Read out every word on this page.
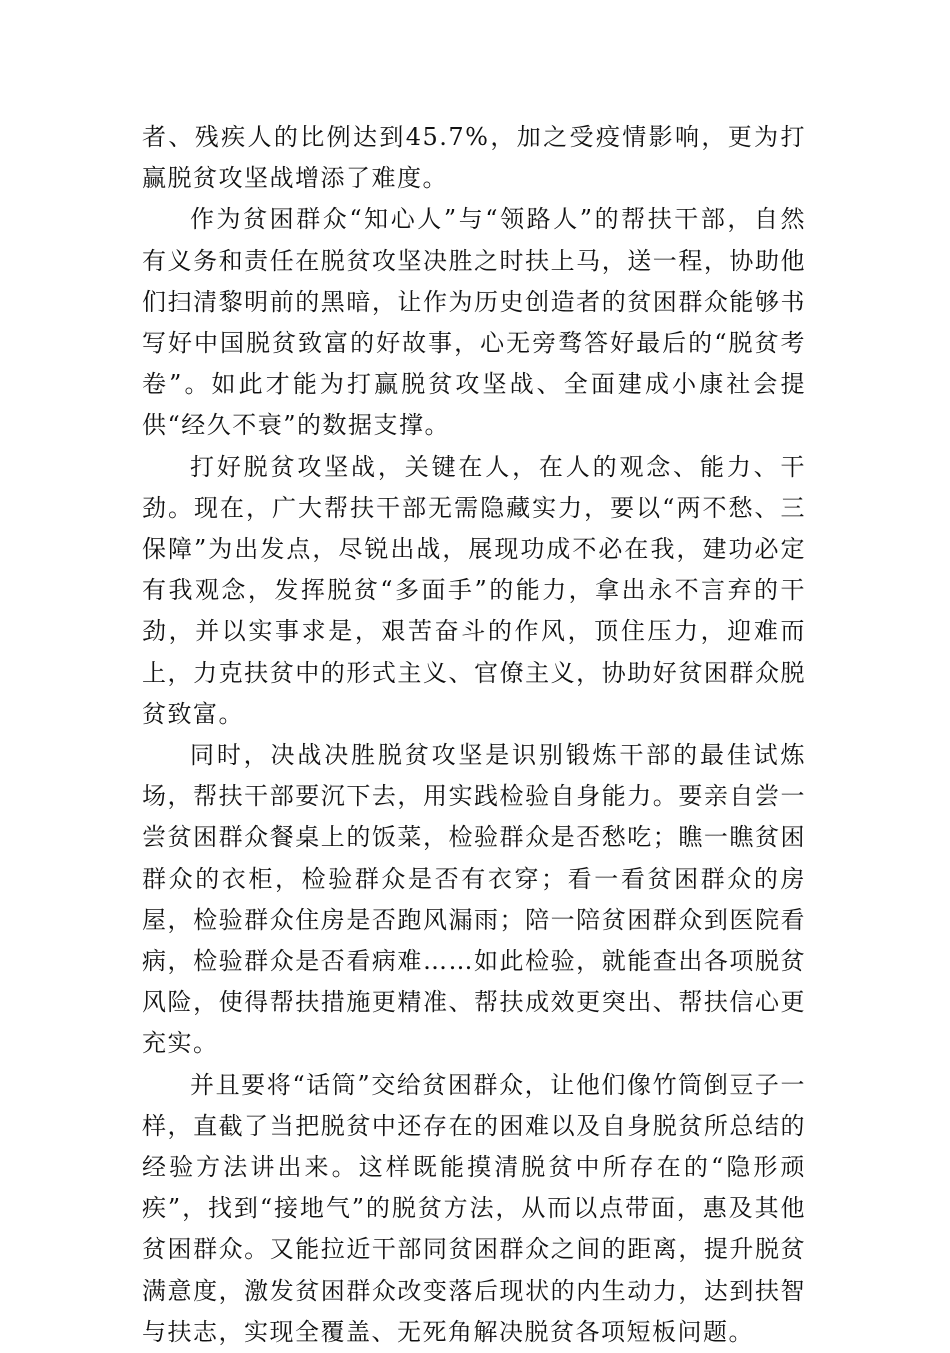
者、残疾人的比例达到45.7%，加之受疫情影响，更为打赢脱贫攻坚战增添了难度。

作为贫困群众“知心人”与“领路人”的帮扶干部，自然有义务和责任在脱贫攻坚决胜之时扶上马，送一程，协助他们扫清黎明前的黑暗，让作为历史创造者的贫困群众能够书写好中国脱贫致富的好故事，心无旁骛答好最后的“脱贫考卷”。如此才能为打赢脱贫攻坚战、全面建成小康社会提供“经久不衰”的数据支撑。

打好脱贫攻坚战，关键在人，在人的观念、能力、干劲。现在，广大帮扶干部无需隐藏实力，要以“两不愁、三保障”为出发点，尽锐出战，展现功成不必在我，建功必定有我观念，发挥脱贫“多面手”的能力，拿出永不言弃的干劲，并以实事求是，艰苦奋斗的作风，顶住压力，迎难而上，力克扶贫中的形式主义、官僚主义，协助好贫困群众脱贫致富。

同时，决战决胜脱贫攻坚是识别锻炼干部的最佳试炼场，帮扶干部要沉下去，用实践检验自身能力。要亲自尝一尝贫困群众餐桌上的饭菜，检验群众是否愁吃；瞧一瞧贫困群众的衣柜，检验群众是否有衣穿；看一看贫困群众的房屋，检验群众住房是否跑风漏雨；陪一陪贫困群众到医院看病，检验群众是否看病难……如此检验，就能查出各项脱贫风险，使得帮扶措施更精准、帮扶成效更突出、帮扶信心更充实。

并且要将“话筒”交给贫困群众，让他们像竹筒倒豆子一样，直截了当把脱贫中还存在的困难以及自身脱贫所总结的经验方法讲出来。这样既能摸清脱贫中所存在的“隐形顽疾”，找到“接地气”的脱贫方法，从而以点带面，惠及其他贫困群众。又能拉近干部同贫困群众之间的距离，提升脱贫满意度，激发贫困群众改变落后现状的内生动力，达到扶智与扶志，实现全覆盖、无死角解决脱贫各项短板问题。
